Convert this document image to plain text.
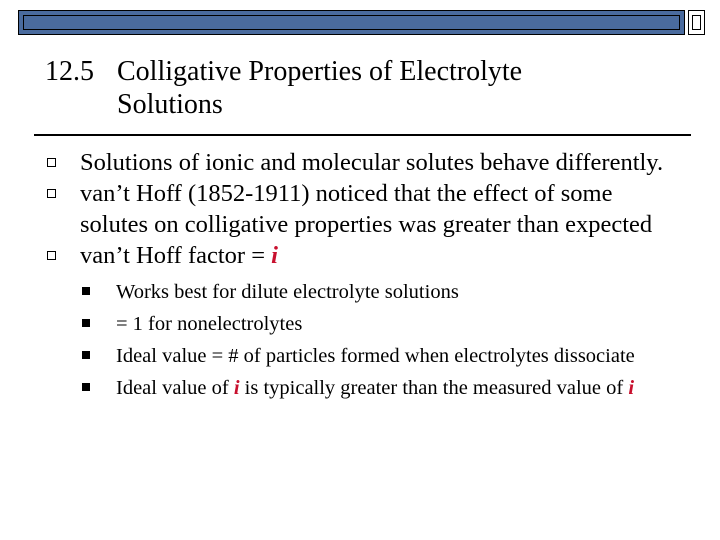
12.5 Colligative Properties of Electrolyte
Solutions
Solutions of ionic and molecular solutes behave differently.
van’t Hoff (1852-1911) noticed that the effect of some solutes on colligative properties was greater than expected
van’t Hoff factor = i
Works best for dilute electrolyte solutions
= 1 for nonelectrolytes
Ideal value = # of particles formed when electrolytes dissociate
Ideal value of i is typically greater than the measured value of i
